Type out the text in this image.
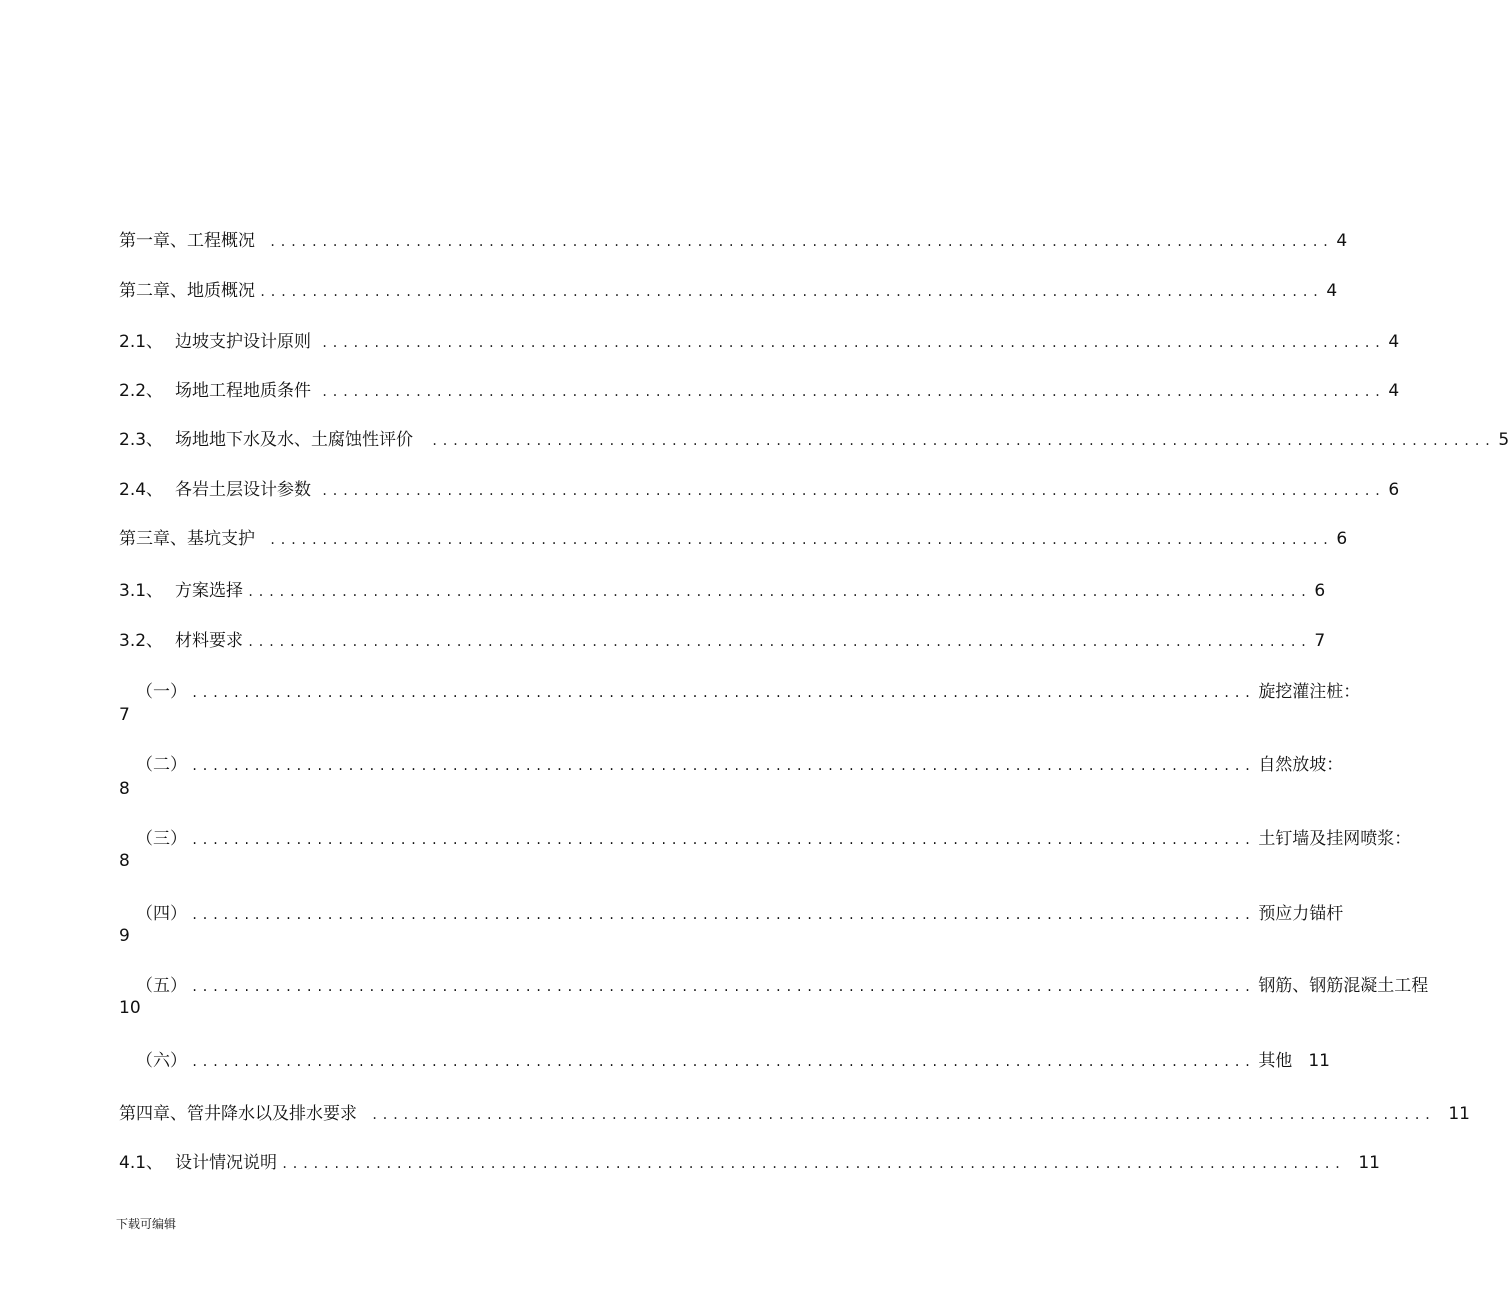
第一章、工程概况 ...................................................................................................... 4
第二章、地质概况 ...................................................................................................... 4
2.1、 边坡支护设计原则 ...................................................................................................... 4
2.2、 场地工程地质条件 ...................................................................................................... 4
2.3、 场地地下水及水、土腐蚀性评价 ...................................................................................................... 5
2.4、 各岩土层设计参数 ...................................................................................................... 6
第三章、基坑支护 ...................................................................................................... 6
3.1、 方案选择 ...................................................................................................... 6
3.2、 材料要求 ...................................................................................................... 7
（一） ...................................................................................................... 旋挖灌注桩：
7
（二） ...................................................................................................... 自然放坡：
8
（三） ...................................................................................................... 土钉墙及挂网喷浆：
8
（四） ...................................................................................................... 预应力锚杆
9
（五） ...................................................................................................... 钢筋、钢筋混凝土工程
10
（六） ...................................................................................................... 其他 11
第四章、管井降水以及排水要求 ...................................................................................................... 11
4.1、 设计情况说明 ...................................................................................................... 11
下载可编辑
